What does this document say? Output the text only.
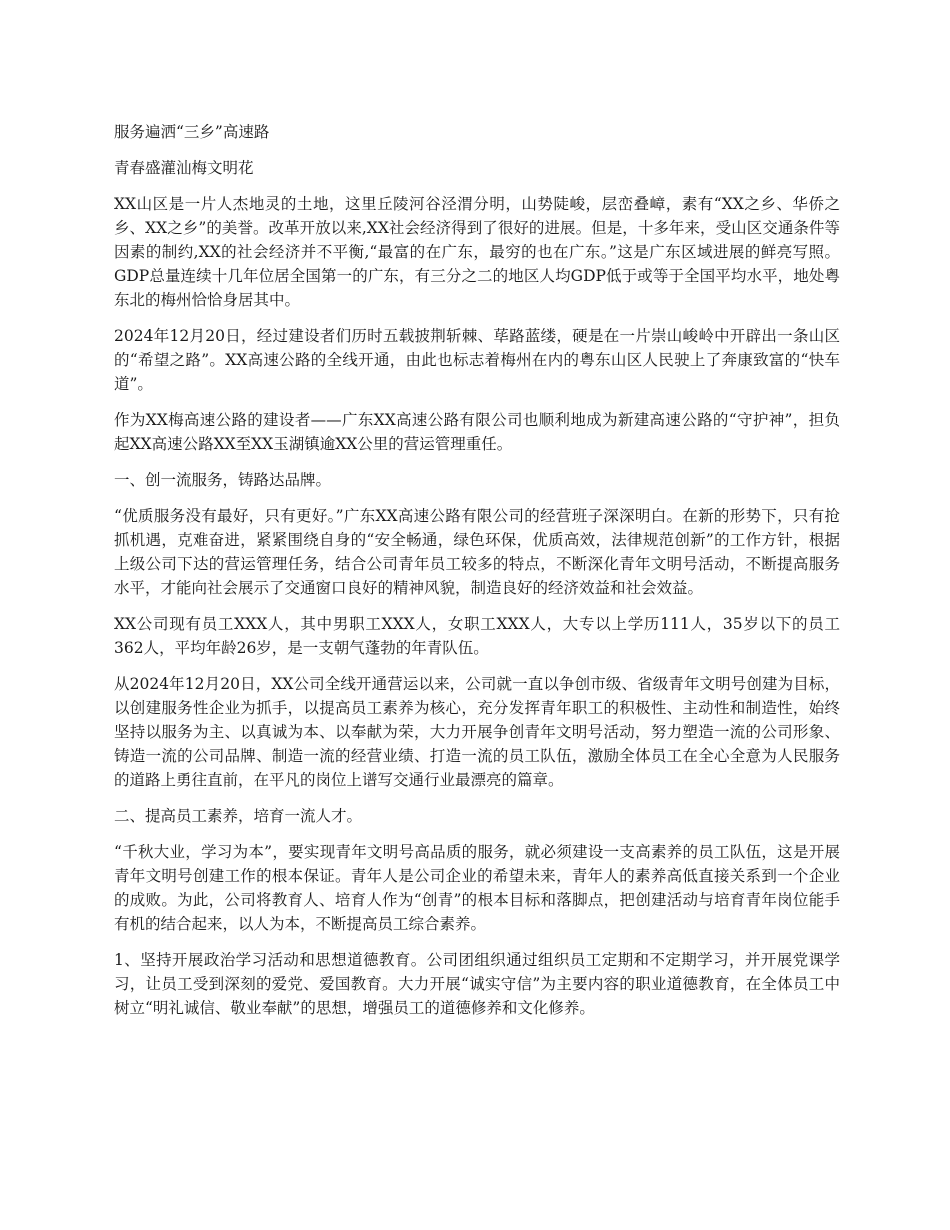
服务遍洒“三乡”高速路

青春盛灌汕梅文明花

XX山区是一片人杰地灵的土地，这里丘陵河谷泾渭分明，山势陡峻，层峦叠嶂，素有“XX之乡、华侨之乡、XX之乡”的美誉。改革开放以来,XX社会经济得到了很好的进展。但是，十多年来，受山区交通条件等因素的制约,XX的社会经济并不平衡,“最富的在广东，最穷的也在广东。”这是广东区域进展的鲜亮写照。GDP总量连续十几年位居全国第一的广东，有三分之二的地区人均GDP低于或等于全国平均水平，地处粤东北的梅州恰恰身居其中。

2024年12月20日，经过建设者们历时五载披荆斩棘、荜路蓝缕，硬是在一片崇山峻岭中开辟出一条山区的“希望之路”。XX高速公路的全线开通，由此也标志着梅州在内的粤东山区人民驶上了奔康致富的“快车道”。

作为XX梅高速公路的建设者——广东XX高速公路有限公司也顺利地成为新建高速公路的“守护神”，担负起XX高速公路XX至XX玉湖镇逾XX公里的营运管理重任。

一、创一流服务，铸路达品牌。

“优质服务没有最好，只有更好。”广东XX高速公路有限公司的经营班子深深明白。在新的形势下，只有抢抓机遇，克难奋进，紧紧围绕自身的“安全畅通，绿色环保，优质高效，法律规范创新”的工作方针，根据上级公司下达的营运管理任务，结合公司青年员工较多的特点，不断深化青年文明号活动，不断提高服务水平，才能向社会展示了交通窗口良好的精神风貌，制造良好的经济效益和社会效益。

XX公司现有员工XXX人，其中男职工XXX人，女职工XXX人，大专以上学历111人，35岁以下的员工362人，平均年龄26岁，是一支朝气蓬勃的年青队伍。

从2024年12月20日，XX公司全线开通营运以来，公司就一直以争创市级、省级青年文明号创建为目标，以创建服务性企业为抓手，以提高员工素养为核心，充分发挥青年职工的积极性、主动性和制造性，始终坚持以服务为主、以真诚为本、以奉献为荣，大力开展争创青年文明号活动，努力塑造一流的公司形象、铸造一流的公司品牌、制造一流的经营业绩、打造一流的员工队伍，激励全体员工在全心全意为人民服务的道路上勇往直前，在平凡的岗位上谱写交通行业最漂亮的篇章。

二、提高员工素养，培育一流人才。

“千秋大业，学习为本”，要实现青年文明号高品质的服务，就必须建设一支高素养的员工队伍，这是开展青年文明号创建工作的根本保证。青年人是公司企业的希望未来，青年人的素养高低直接关系到一个企业的成败。为此，公司将教育人、培育人作为“创青”的根本目标和落脚点，把创建活动与培育青年岗位能手有机的结合起来，以人为本，不断提高员工综合素养。

1、坚持开展政治学习活动和思想道德教育。公司团组织通过组织员工定期和不定期学习，并开展党课学习，让员工受到深刻的爱党、爱国教育。大力开展“诚实守信”为主要内容的职业道德教育，在全体员工中树立“明礼诚信、敬业奉献”的思想，增强员工的道德修养和文化修养。
